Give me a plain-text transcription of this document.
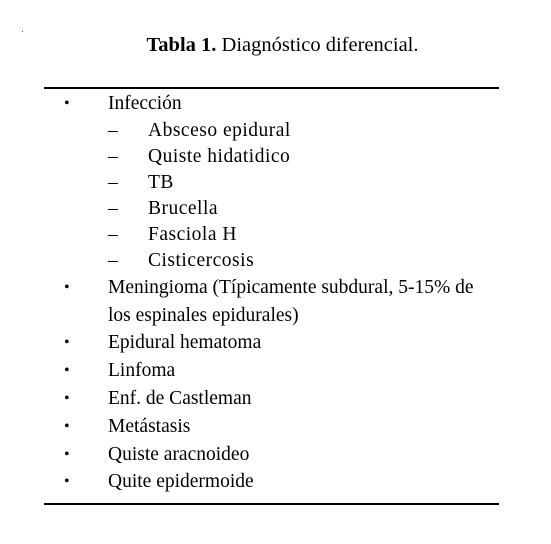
Tabla 1. Diagnóstico diferencial.
•	Infección
–	Absceso epidural
–	Quiste hidatidico
–	TB
–	Brucella
–	Fasciola H
–	Cisticercosis
•	Meningioma (Típicamente subdural, 5-15% de los espinales epidurales)
•	Epidural hematoma
•	Linfoma
•	Enf. de Castleman
•	Metástasis
•	Quiste aracnoideo
•	Quite epidermoide
